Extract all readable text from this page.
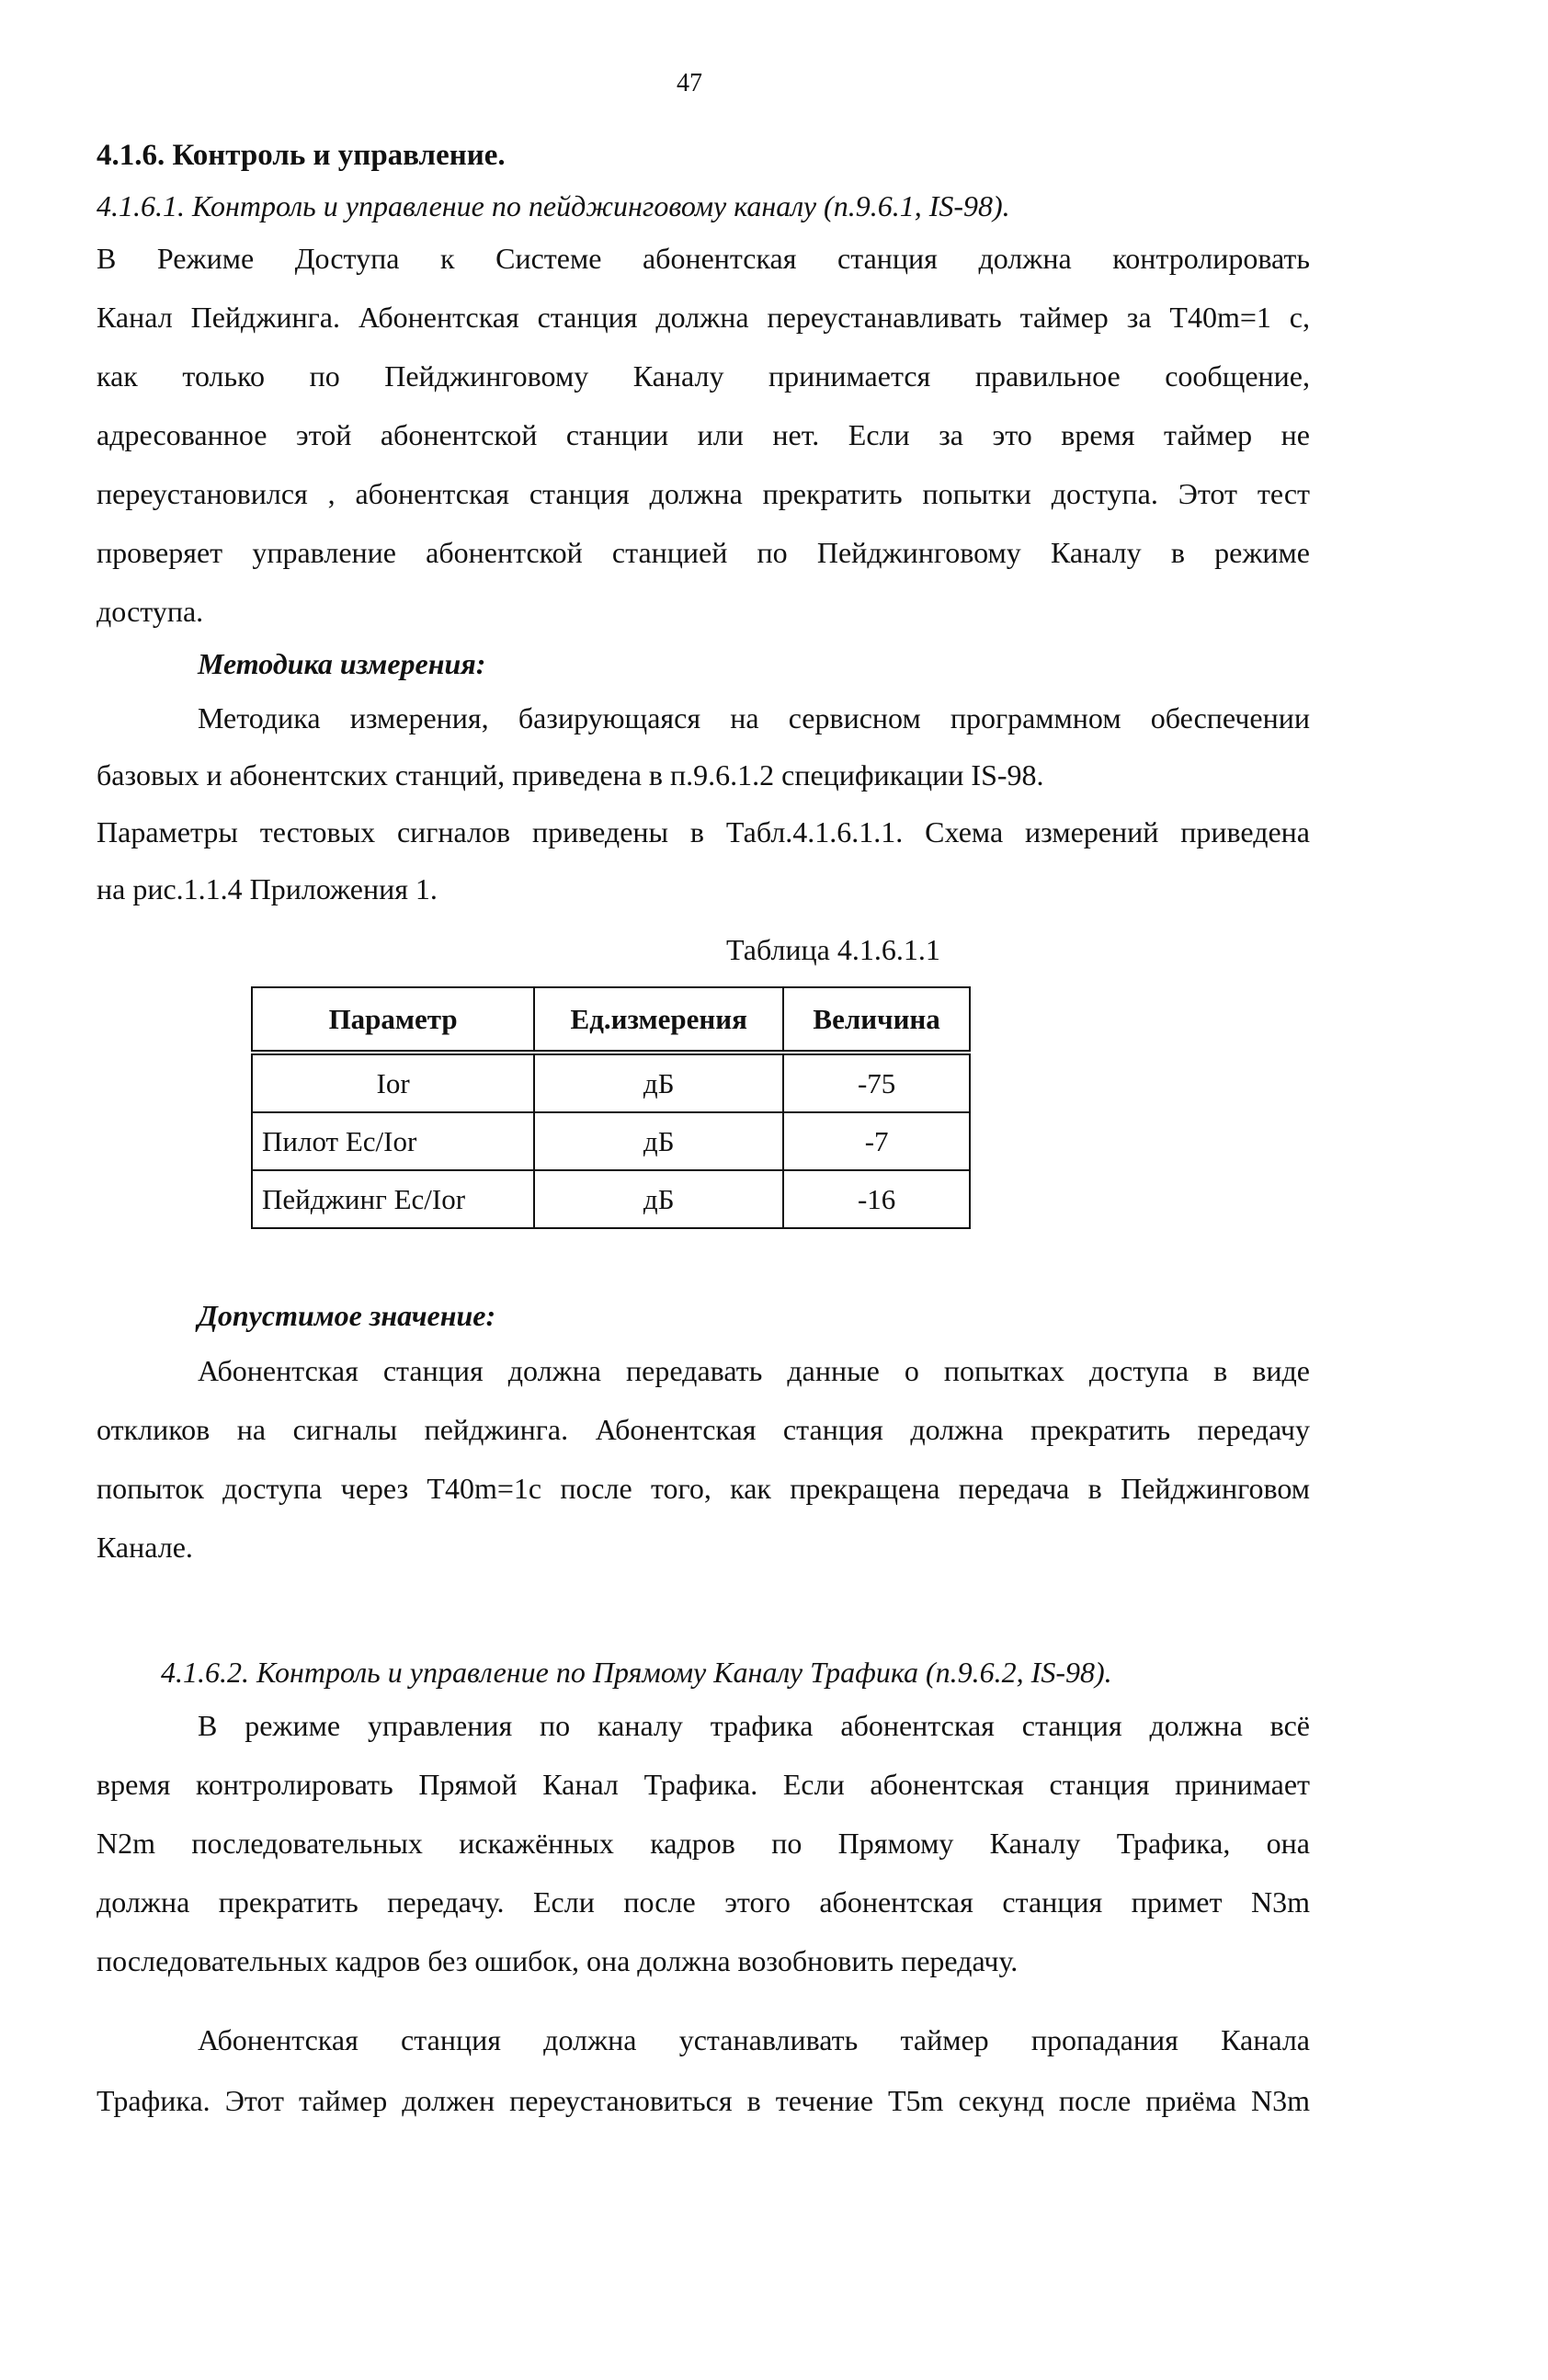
47
4.1.6. Контроль и управление.
4.1.6.1. Контроль и управление по пейджинговому каналу (п.9.6.1, IS-98).
В Режиме Доступа к Системе абонентская станция должна контролировать
Канал Пейджинга. Абонентская станция должна переустанавливать таймер за T40m=1 с,
как только по Пейджинговому Каналу принимается правильное сообщение,
адресованное этой абонентской станции или нет. Если за это время таймер не
переустановился , абонентская станция должна прекратить попытки доступа. Этот тест
проверяет управление абонентской станцией по Пейджинговому Каналу в режиме
доступа.
Методика измерения:
Методика измерения, базирующаяся на сервисном программном обеспечении
базовых и абонентских станций, приведена в п.9.6.1.2 спецификации IS-98.
Параметры тестовых сигналов приведены в Табл.4.1.6.1.1. Схема измерений приведена
на рис.1.1.4 Приложения 1.
Таблица 4.1.6.1.1
Параметр	Ед.измерения	Величина
Ior	дБ	-75
Пилот Ec/Ior	дБ	-7
Пейджинг Ec/Ior	дБ	-16
Допустимое значение:
Абонентская станция должна передавать данные о попытках доступа в виде
откликов на сигналы пейджинга. Абонентская станция должна прекратить передачу
попыток доступа через T40m=1с после того, как прекращена передача в Пейджинговом
Канале.
4.1.6.2. Контроль и управление по Прямому Каналу Трафика (п.9.6.2, IS-98).
В режиме управления по каналу трафика абонентская станция должна всё
время контролировать Прямой Канал Трафика. Если абонентская станция принимает
N2m последовательных искажённых кадров по Прямому Каналу Трафика, она
должна прекратить передачу. Если после этого абонентская станция примет N3m
последовательных кадров без ошибок, она должна возобновить передачу.
Абонентская станция должна устанавливать таймер пропадания Канала
Трафика. Этот таймер должен переустановиться в течение T5m секунд после приёма N3m
